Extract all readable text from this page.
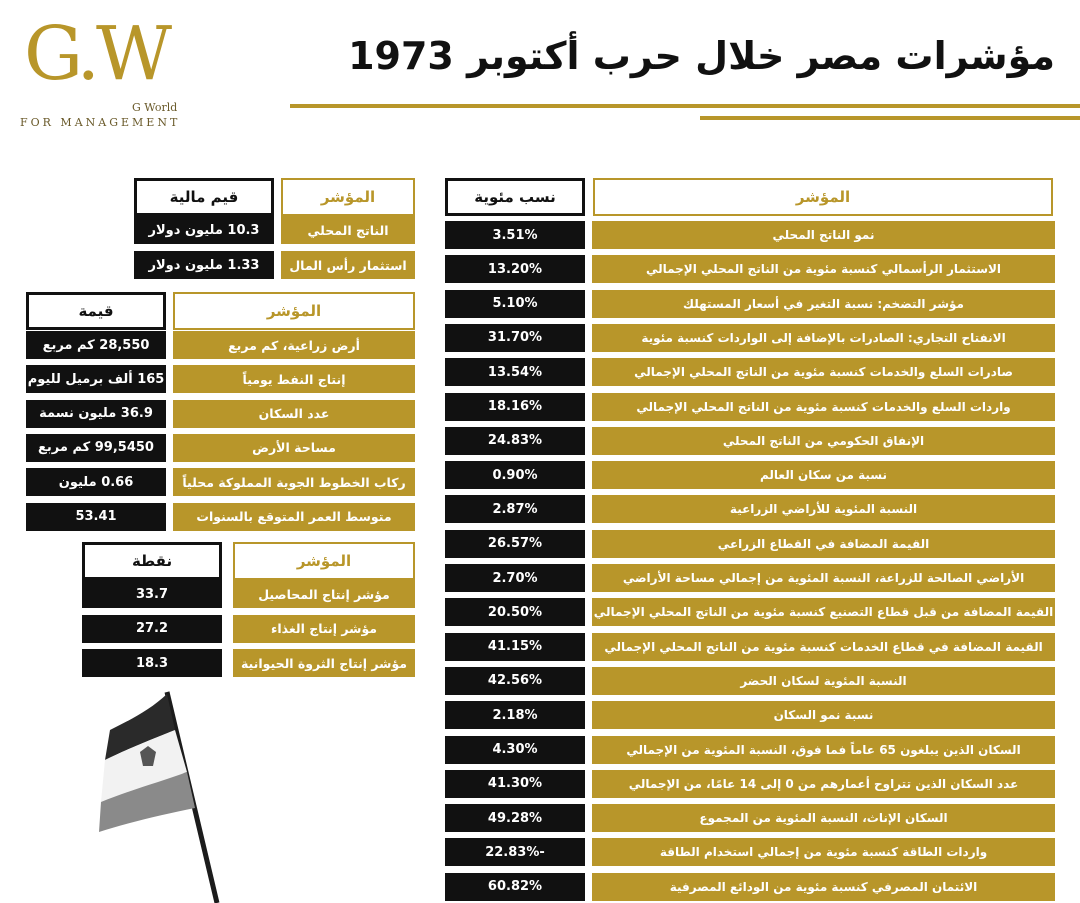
G.W
G World
FOR MANAGEMENT
مؤشرات مصر خلال حرب أكتوبر 1973
المؤشر
نسب مئوية
نمو الناتج المحلي
3.51%
الاستثمار الرأسمالي كنسبة مئوية من الناتج المحلي الإجمالي
13.20%
مؤشر التضخم: نسبة التغير في أسعار المستهلك
5.10%
الانفتاح التجاري: الصادرات بالإضافة إلى الواردات كنسبة مئوية
31.70%
صادرات السلع والخدمات كنسبة مئوية من الناتج المحلي الإجمالي
13.54%
واردات السلع والخدمات كنسبة مئوية من الناتج المحلي الإجمالي
18.16%
الإنفاق الحكومي من الناتج المحلي
24.83%
نسبة من سكان العالم
0.90%
النسبة المئوية للأراضي الزراعية
2.87%
القيمة المضافة في القطاع الزراعي
26.57%
الأراضي الصالحة للزراعة، النسبة المئوية من إجمالي مساحة الأراضي
2.70%
القيمة المضافة من قبل قطاع التصنيع كنسبة مئوية من الناتج المحلي الإجمالي
20.50%
القيمة المضافة في قطاع الخدمات كنسبة مئوية من الناتج المحلي الإجمالي
41.15%
النسبة المئوية لسكان الحضر
42.56%
نسبة نمو السكان
2.18%
السكان الذين يبلغون 65 عاماً فما فوق، النسبة المئوية من الإجمالي
4.30%
عدد السكان الذين تتراوح أعمارهم من 0 إلى 14 عامًا، من الإجمالي
41.30%
السكان الإناث، النسبة المئوية من المجموع
49.28%
واردات الطاقة كنسبة مئوية من إجمالي استخدام الطاقة
-22.83%
الائتمان المصرفي كنسبة مئوية من الودائع المصرفية
60.82%
المؤشر
قيم مالية
الناتج المحلي
10.3 مليون دولار
استثمار رأس المال
1.33 مليون دولار
المؤشر
قيمة
أرض زراعية، كم مربع
28,550 كم مربع
إنتاج النفط يومياً
165 ألف برميل لليوم
عدد السكان
36.9 مليون نسمة
مساحة الأرض
99,5450 كم مربع
ركاب الخطوط الجوية المملوكة محلياً
0.66 مليون
متوسط العمر المتوقع بالسنوات
53.41
المؤشر
نقطة
مؤشر إنتاج المحاصيل
33.7
مؤشر إنتاج الغذاء
27.2
مؤشر إنتاج الثروة الحيوانية
18.3
